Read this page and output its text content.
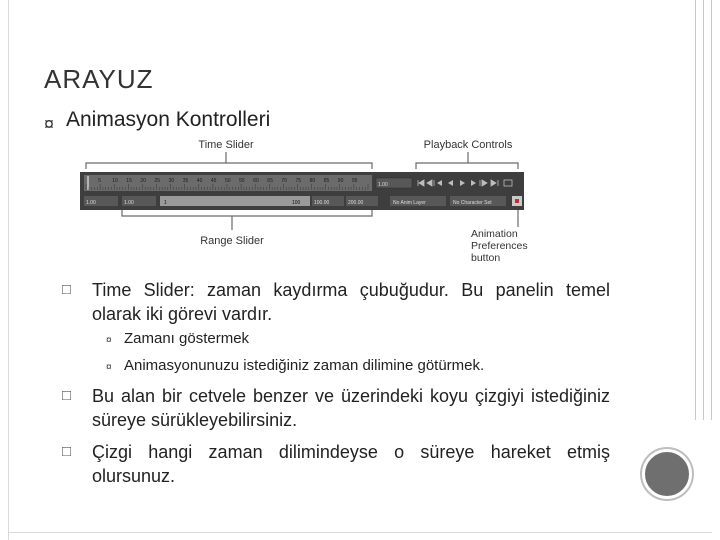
ARAYUZ
¤ Animasyon Kontrolleri
Time Slider	Playback Controls
5 10 15 20 25 30 35 40 45 50 55 60 65 70 75 80 85 90 95
1.00
1.00	1.00	1	100	100.00	200.00	No Anim Layer	No Character Set
Range Slider
Animation
Preferences
button
□	Time Slider: zaman kaydırma çubuğudur. Bu panelin temel olarak iki görevi vardır.
¤ Zamanı göstermek
¤ Animasyonunuzu istediğiniz zaman dilimine götürmek.
□	Bu alan bir cetvele benzer ve üzerindeki koyu çizgiyi istediğiniz süreye sürükleyebilirsiniz.
□	Çizgi hangi zaman dilimindeyse o süreye hareket etmiş olursunuz.
